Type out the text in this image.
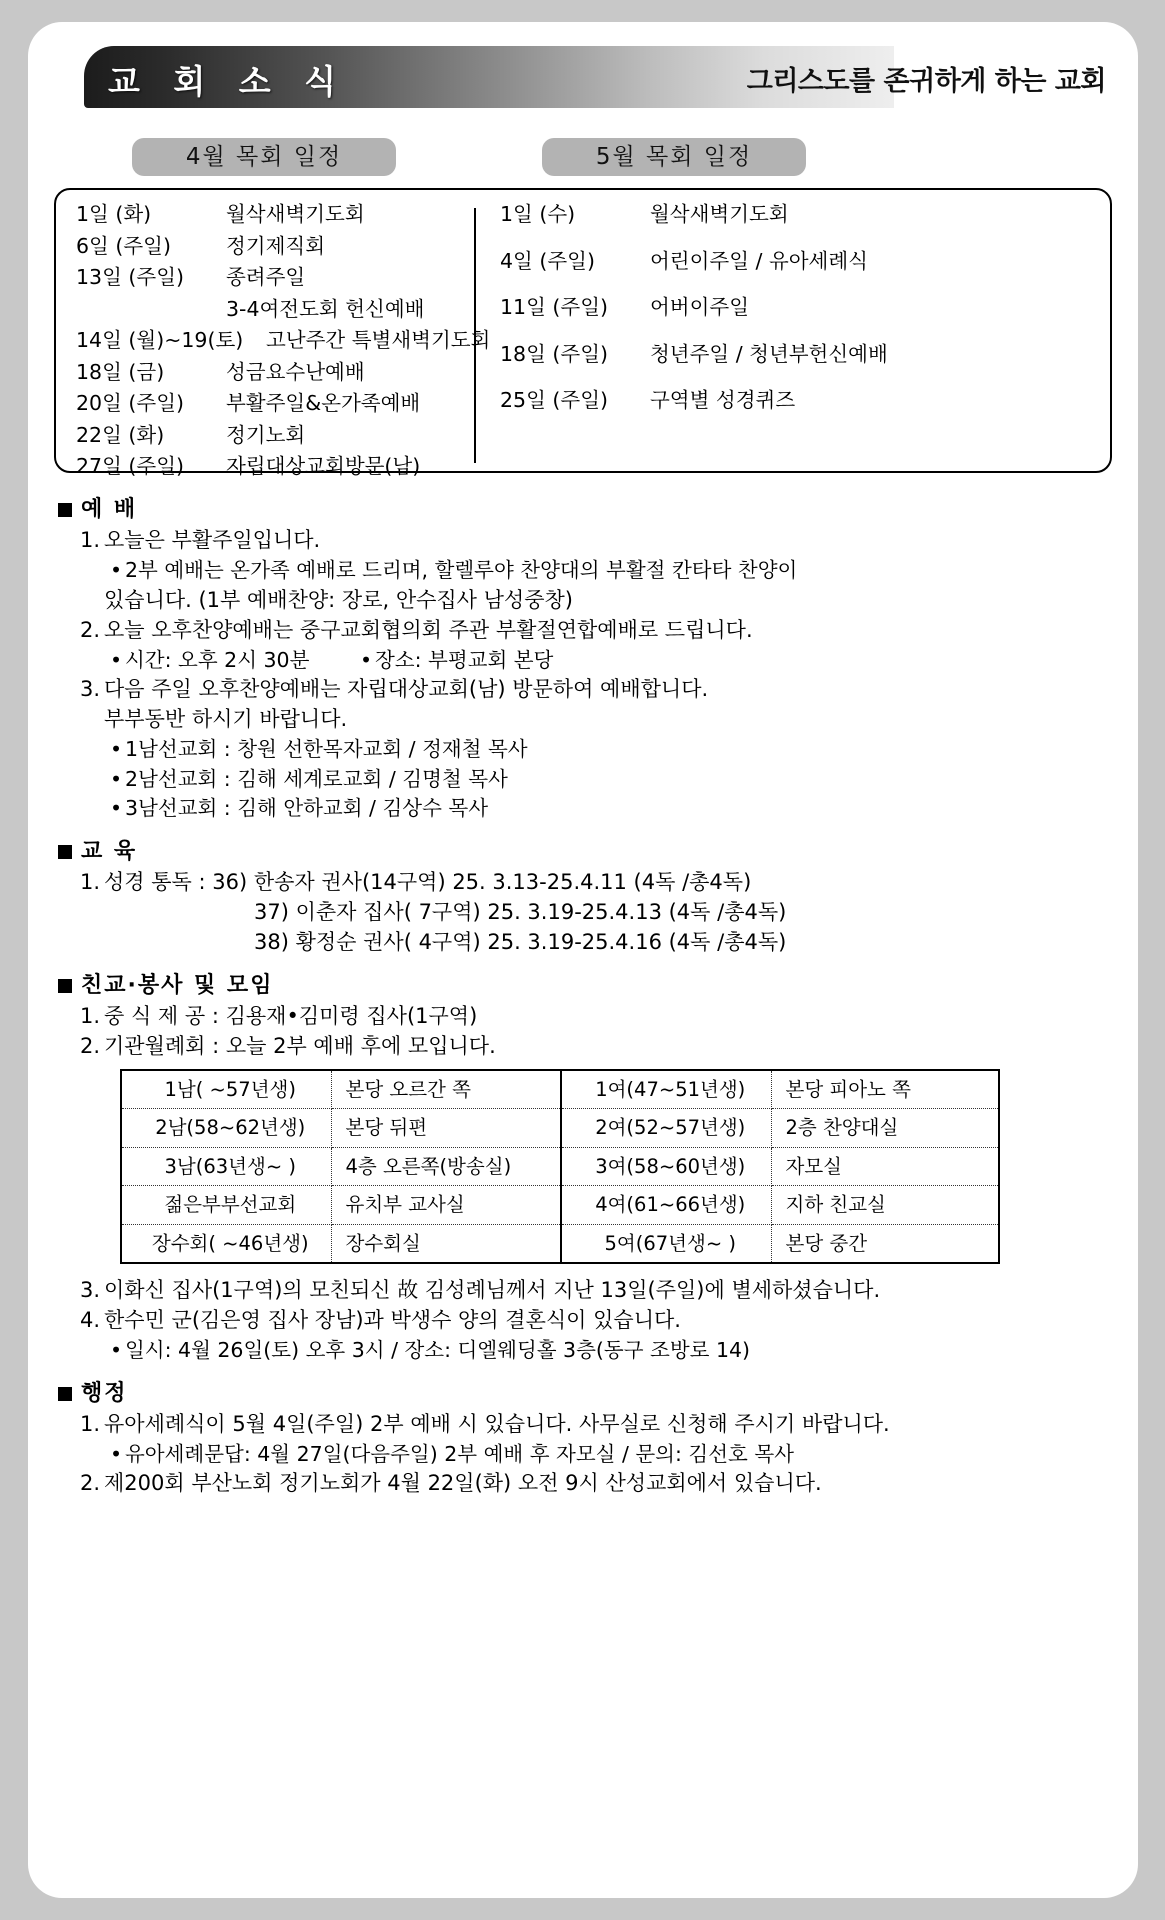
교 회 소 식	그리스도를 존귀하게 하는 교회
4월 목회 일정	5월 목회 일정
1일 (화)	월삭새벽기도회
6일 (주일)	정기제직회
13일 (주일)	종려주일
3-4여전도회 헌신예배
14일 (월)~19(토)	고난주간 특별새벽기도회
18일 (금)	성금요수난예배
20일 (주일)	부활주일&온가족예배
22일 (화)	정기노회
27일 (주일)	자립대상교회방문(남)
1일 (수)	월삭새벽기도회
4일 (주일)	어린이주일 / 유아세례식
11일 (주일)	어버이주일
18일 (주일)	청년주일 / 청년부헌신예배
25일 (주일)	구역별 성경퀴즈
예 배
1. 오늘은 부활주일입니다.
• 2부 예배는 온가족 예배로 드리며, 할렐루야 찬양대의 부활절 칸타타 찬양이
있습니다. (1부 예배찬양: 장로, 안수집사 남성중창)
2. 오늘 오후찬양예배는 중구교회협의회 주관 부활절연합예배로 드립니다.
• 시간: 오후 2시 30분 • 장소: 부평교회 본당
3. 다음 주일 오후찬양예배는 자립대상교회(남) 방문하여 예배합니다.
부부동반 하시기 바랍니다.
• 1남선교회 : 창원 선한목자교회 / 정재철 목사
• 2남선교회 : 김해 세계로교회 / 김명철 목사
• 3남선교회 : 김해 안하교회 / 김상수 목사
교 육
1. 성경 통독 : 36) 한송자 권사(14구역) 25. 3.13-25.4.11 (4독 /총4독)
37) 이춘자 집사( 7구역) 25. 3.19-25.4.13 (4독 /총4독)
38) 황정순 권사( 4구역) 25. 3.19-25.4.16 (4독 /총4독)
친교·봉사 및 모임
1. 중 식 제 공 : 김용재•김미령 집사(1구역)
2. 기관월례회 : 오늘 2부 예배 후에 모입니다.
1남( ~57년생)	본당 오르간 쪽	1여(47~51년생)	본당 피아노 쪽
2남(58~62년생)	본당 뒤편	2여(52~57년생)	2층 찬양대실
3남(63년생~ )	4층 오른쪽(방송실)	3여(58~60년생)	자모실
젊은부부선교회	유치부 교사실	4여(61~66년생)	지하 친교실
장수회( ~46년생)	장수회실	5여(67년생~ )	본당 중간
3. 이화신 집사(1구역)의 모친되신 故 김성례님께서 지난 13일(주일)에 별세하셨습니다.
4. 한수민 군(김은영 집사 장남)과 박생수 양의 결혼식이 있습니다.
• 일시: 4월 26일(토) 오후 3시 / 장소: 디엘웨딩홀 3층(동구 조방로 14)
행정
1. 유아세례식이 5월 4일(주일) 2부 예배 시 있습니다. 사무실로 신청해 주시기 바랍니다.
• 유아세례문답: 4월 27일(다음주일) 2부 예배 후 자모실 / 문의: 김선호 목사
2. 제200회 부산노회 정기노회가 4월 22일(화) 오전 9시 산성교회에서 있습니다.
